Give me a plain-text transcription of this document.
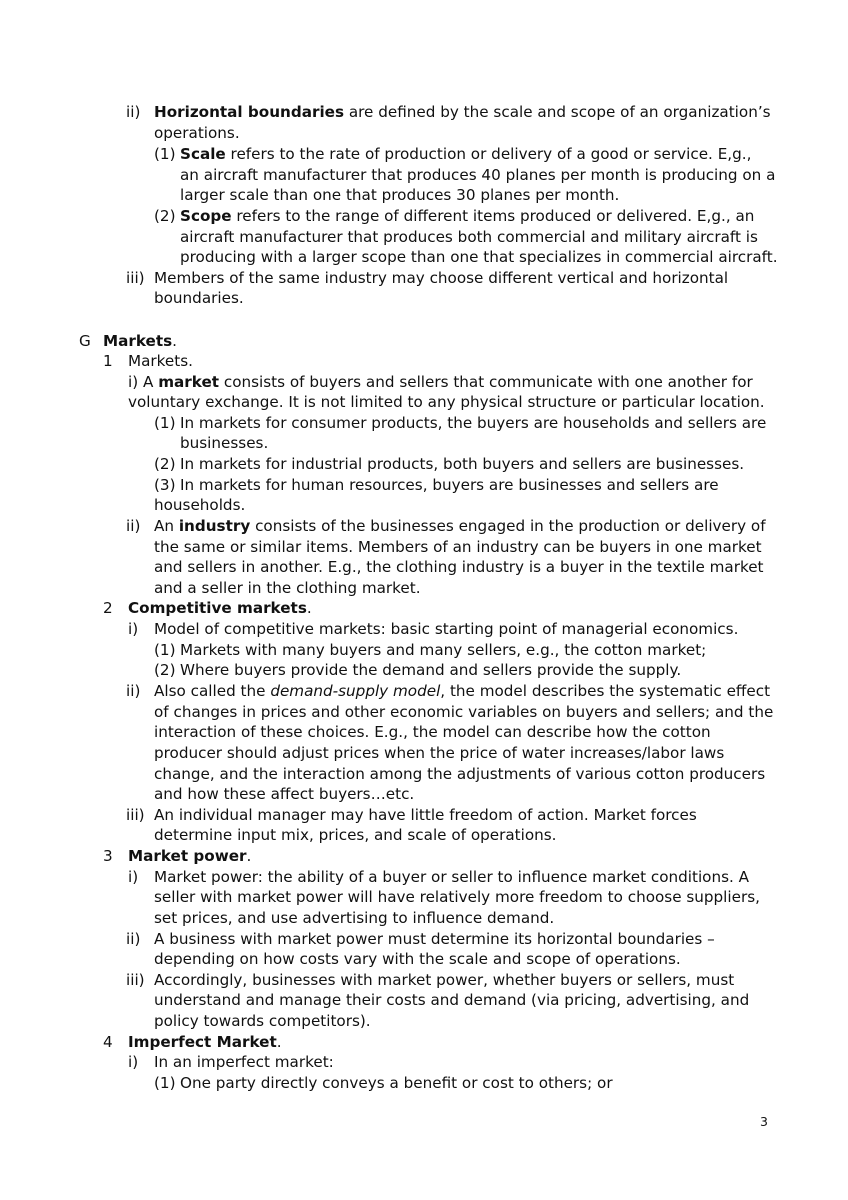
ii) Horizontal boundaries are defined by the scale and scope of an organization’s
operations.
(1) Scale refers to the rate of production or delivery of a good or service. E,g.,
an aircraft manufacturer that produces 40 planes per month is producing on a
larger scale than one that produces 30 planes per month.
(2) Scope refers to the range of different items produced or delivered. E,g., an
aircraft manufacturer that produces both commercial and military aircraft is
producing with a larger scope than one that specializes in commercial aircraft.
iii) Members of the same industry may choose different vertical and horizontal
boundaries.
G Markets.
1 Markets.
i) A market consists of buyers and sellers that communicate with one another for
voluntary exchange. It is not limited to any physical structure or particular location.
(1) In markets for consumer products, the buyers are households and sellers are
businesses.
(2) In markets for industrial products, both buyers and sellers are businesses.
(3) In markets for human resources, buyers are businesses and sellers are
households.
ii) An industry consists of the businesses engaged in the production or delivery of
the same or similar items. Members of an industry can be buyers in one market
and sellers in another. E.g., the clothing industry is a buyer in the textile market
and a seller in the clothing market.
2 Competitive markets.
i) Model of competitive markets: basic starting point of managerial economics.
(1) Markets with many buyers and many sellers, e.g., the cotton market;
(2) Where buyers provide the demand and sellers provide the supply.
ii) Also called the demand-supply model, the model describes the systematic effect
of changes in prices and other economic variables on buyers and sellers; and the
interaction of these choices. E.g., the model can describe how the cotton
producer should adjust prices when the price of water increases/labor laws
change, and the interaction among the adjustments of various cotton producers
and how these affect buyers…etc.
iii) An individual manager may have little freedom of action. Market forces
determine input mix, prices, and scale of operations.
3 Market power.
i) Market power: the ability of a buyer or seller to influence market conditions. A
seller with market power will have relatively more freedom to choose suppliers,
set prices, and use advertising to influence demand.
ii) A business with market power must determine its horizontal boundaries –
depending on how costs vary with the scale and scope of operations.
iii) Accordingly, businesses with market power, whether buyers or sellers, must
understand and manage their costs and demand (via pricing, advertising, and
policy towards competitors).
4 Imperfect Market.
i) In an imperfect market:
(1) One party directly conveys a benefit or cost to others; or
3
